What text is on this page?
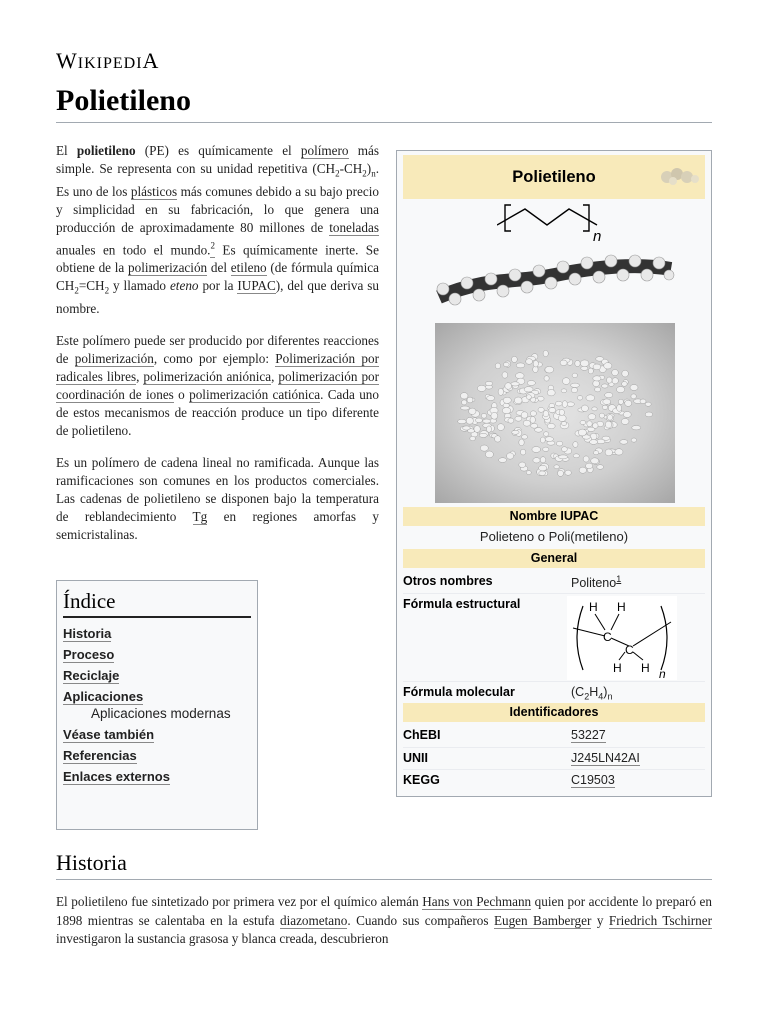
WIKIPEDIA
Polietileno

El polietileno (PE) es químicamente el polímero más simple. Se representa con su unidad repetitiva $(CH_2-CH_2)_n$. Es uno de los plásticos más comunes debido a su bajo precio y simplicidad en su fabricación, lo que genera una producción de aproximadamente 80 millones de toneladas anuales en todo el mundo.$^2$ Es químicamente inerte. Se obtiene de la polimerización del etileno (de fórmula química $CH_2=CH_2$ y llamado eteno por la IUPAC), del que deriva su nombre.

Este polímero puede ser producido por diferentes reacciones de polimerización, como por ejemplo: Polimerización por radicales libres, polimerización aniónica, polimerización por coordinación de iones o polimerización catiónica. Cada uno de estos mecanismos de reacción produce un tipo diferente de polietileno.

Es un polímero de cadena lineal no ramificada. Aunque las ramificaciones son comunes en los productos comerciales. Las cadenas de polietileno se disponen bajo la temperatura de reblandecimiento Tg en regiones amorfas y semicristalinas.

Índice
Historia
Proceso
Reciclaje
Aplicaciones
Aplicaciones modernas
Véase también
Referencias
Enlaces externos
Polietileno
n
Nombre IUPAC
Polieteno o Poli(metileno)
General
Otros nombres	Politeno$^1$
Fórmula estructural	H H
C
C
H H n
Fórmula molecular	$(C_2H_4)_n$
Identificadores
ChEBI	53227
UNII	J245LN42AI
KEGG	C19503
Historia
El polietileno fue sintetizado por primera vez por el químico alemán Hans von Pechmann quien por accidente lo preparó en 1898 mientras se calentaba en la estufa diazometano. Cuando sus compañeros Eugen Bamberger y Friedrich Tschirner investigaron la sustancia grasosa y blanca creada, descubrieron
